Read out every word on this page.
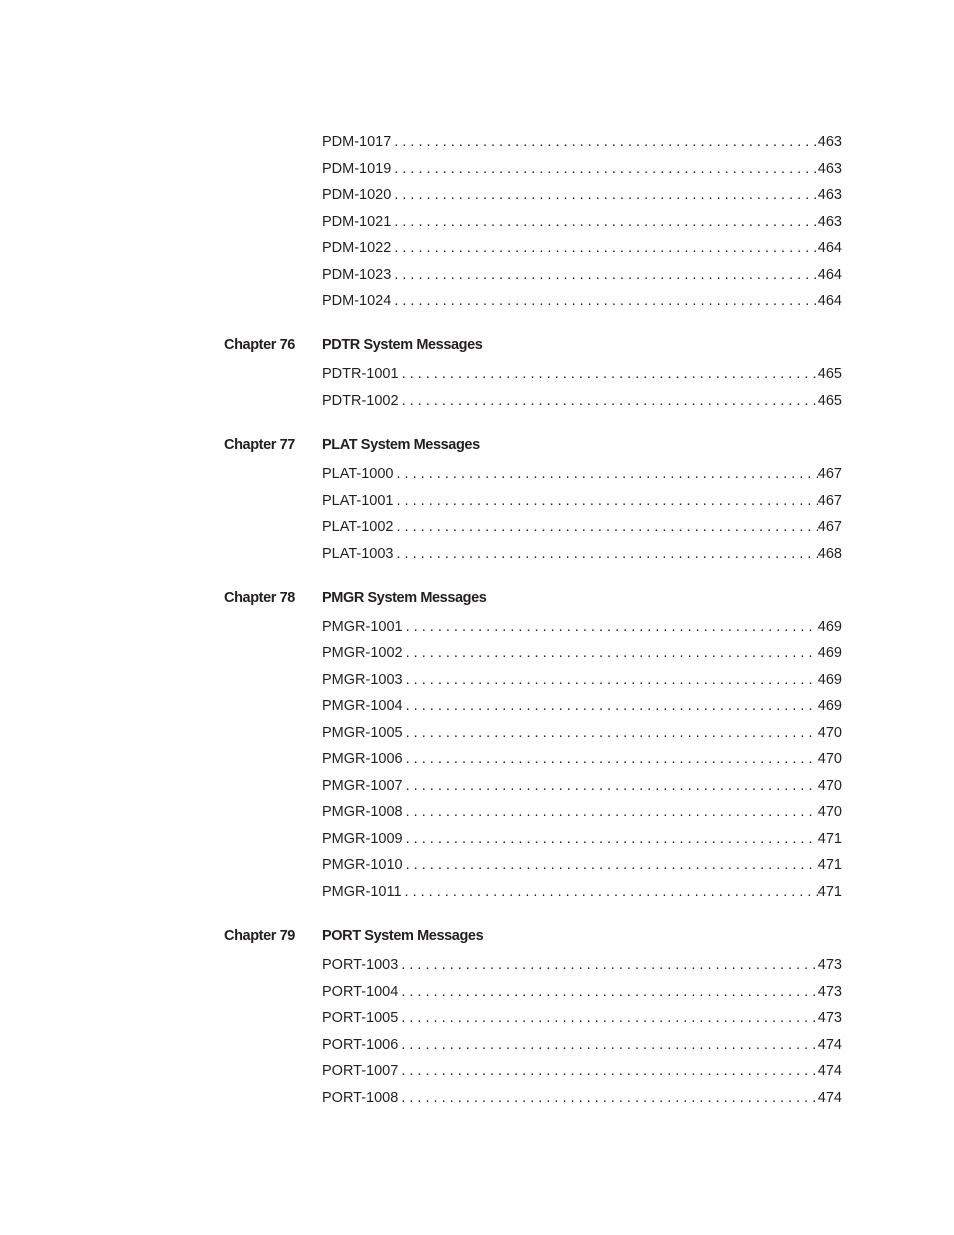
PDM-1017 . . .	463
PDM-1019 . . .	463
PDM-1020 . . .	463
PDM-1021 . . .	463
PDM-1022 . . .	464
PDM-1023 . . .	464
PDM-1024 . . .	464
Chapter 76 PDTR System Messages
PDTR-1001 . . .	465
PDTR-1002 . . .	465
Chapter 77 PLAT System Messages
PLAT-1000 . . .	467
PLAT-1001 . . .	467
PLAT-1002 . . .	467
PLAT-1003 . . .	468
Chapter 78 PMGR System Messages
PMGR-1001 . . .	469
PMGR-1002 . . .	469
PMGR-1003 . . .	469
PMGR-1004 . . .	469
PMGR-1005 . . .	470
PMGR-1006 . . .	470
PMGR-1007 . . .	470
PMGR-1008 . . .	470
PMGR-1009 . . .	471
PMGR-1010 . . .	471
PMGR-1011 . . .	471
Chapter 79 PORT System Messages
PORT-1003 . . .	473
PORT-1004 . . .	473
PORT-1005 . . .	473
PORT-1006 . . .	474
PORT-1007 . . .	474
PORT-1008 . . .	474
